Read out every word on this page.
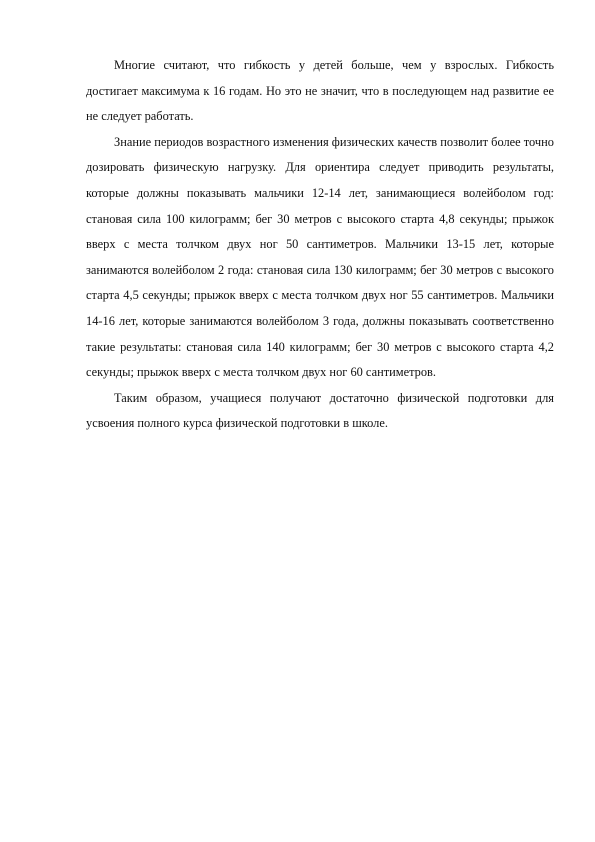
Многие считают, что гибкость у детей больше, чем у взрослых. Гибкость достигает максимума к 16 годам. Но это не значит, что в последующем над развитие ее не следует работать.

Знание периодов возрастного изменения физических качеств позволит более точно дозировать физическую нагрузку. Для ориентира следует приводить результаты, которые должны показывать мальчики 12-14 лет, занимающиеся волейболом год: становая сила 100 килограмм; бег 30 метров с высокого старта 4,8 секунды; прыжок вверх с места толчком двух ног 50 сантиметров. Мальчики 13-15 лет, которые занимаются волейболом 2 года: становая сила 130 килограмм; бег 30 метров с высокого старта 4,5 секунды; прыжок вверх с места толчком двух ног 55 сантиметров. Мальчики 14-16 лет, которые занимаются волейболом 3 года, должны показывать соответственно такие результаты: становая сила 140 килограмм; бег 30 метров с высокого старта 4,2 секунды; прыжок вверх с места толчком двух ног 60 сантиметров.

Таким образом, учащиеся получают достаточно физической подготовки для усвоения полного курса физической подготовки в школе.
